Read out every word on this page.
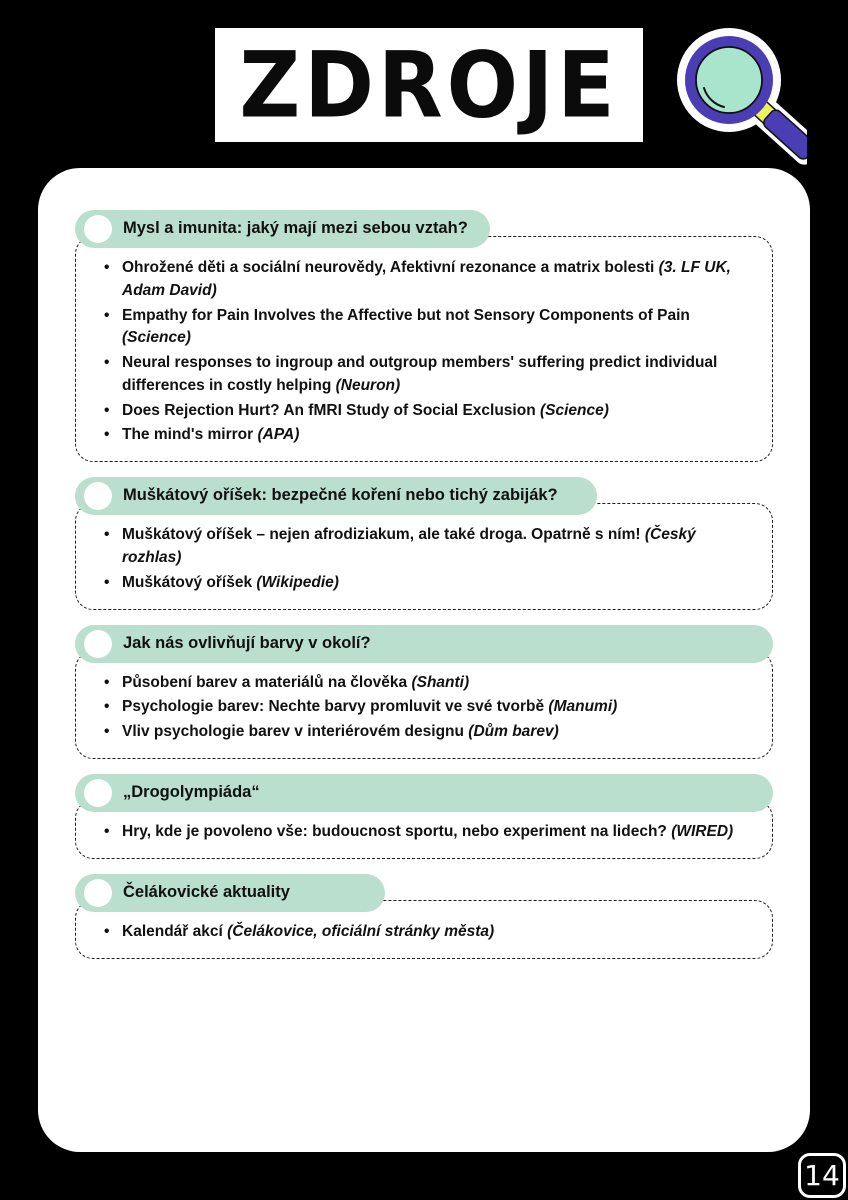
ZDROJE
Mysl a imunita: jaký mají mezi sebou vztah?
• Ohrožené děti a sociální neurovědy, Afektivní rezonance a matrix bolesti (3. LF UK, Adam David)
• Empathy for Pain Involves the Affective but not Sensory Components of Pain (Science)
• Neural responses to ingroup and outgroup members' suffering predict individual differences in costly helping (Neuron)
• Does Rejection Hurt? An fMRI Study of Social Exclusion (Science)
• The mind's mirror (APA)
Muškátový oříšek: bezpečné koření nebo tichý zabiják?
• Muškátový oříšek – nejen afrodiziakum, ale také droga. Opatrně s ním! (Český rozhlas)
• Muškátový oříšek (Wikipedie)
Jak nás ovlivňují barvy v okolí?
• Působení barev a materiálů na člověka (Shanti)
• Psychologie barev: Nechte barvy promluvit ve své tvorbě (Manumi)
• Vliv psychologie barev v interiérovém designu (Dům barev)
„Drogolympiáda“
• Hry, kde je povoleno vše: budoucnost sportu, nebo experiment na lidech? (WIRED)
Čelákovické aktuality
• Kalendář akcí (Čelákovice, oficiální stránky města)
14
